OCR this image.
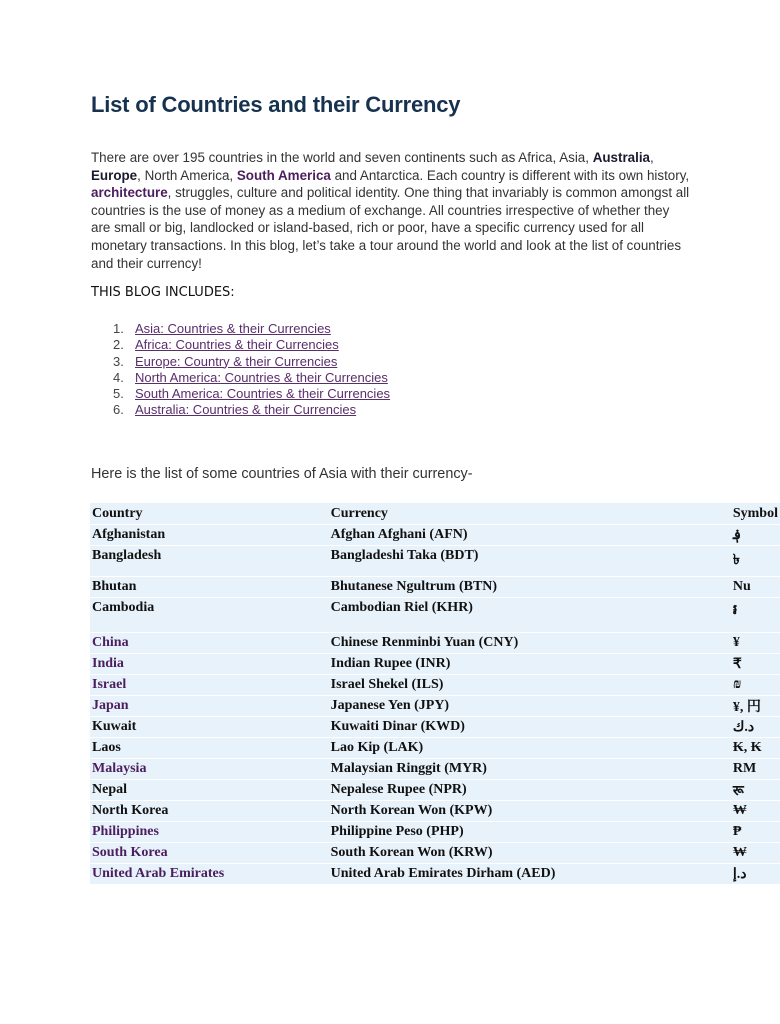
List of Countries and their Currency

There are over 195 countries in the world and seven continents such as Africa, Asia, Australia, Europe, North America, South America and Antarctica. Each country is different with its own history, architecture, struggles, culture and political identity. One thing that invariably is common amongst all countries is the use of money as a medium of exchange. All countries irrespective of whether they are small or big, landlocked or island-based, rich or poor, have a specific currency used for all monetary transactions. In this blog, let’s take a tour around the world and look at the list of countries and their currency!

THIS BLOG INCLUDES:

1. Asia: Countries & their Currencies
2. Africa: Countries & their Currencies
3. Europe: Country & their Currencies
4. North America: Countries & their Currencies
5. South America: Countries & their Currencies
6. Australia: Countries & their Currencies

Here is the list of some countries of Asia with their currency-

Country	Currency	Symbol
Afghanistan	Afghan Afghani (AFN)	؋
Bangladesh	Bangladeshi Taka (BDT)	৳
Bhutan	Bhutanese Ngultrum (BTN)	Nu
Cambodia	Cambodian Riel (KHR)	៛
China	Chinese Renminbi Yuan (CNY)	¥
India	Indian Rupee (INR)	₹
Israel	Israel Shekel (ILS)	₪
Japan	Japanese Yen (JPY)	¥, 円
Kuwait	Kuwaiti Dinar (KWD)	د.ك
Laos	Lao Kip (LAK)	₭, ₭
Malaysia	Malaysian Ringgit (MYR)	RM
Nepal	Nepalese Rupee (NPR)	रू
North Korea	North Korean Won (KPW)	₩
Philippines	Philippine Peso (PHP)	₱
South Korea	South Korean Won (KRW)	₩
United Arab Emirates	United Arab Emirates Dirham (AED)	د.إ
